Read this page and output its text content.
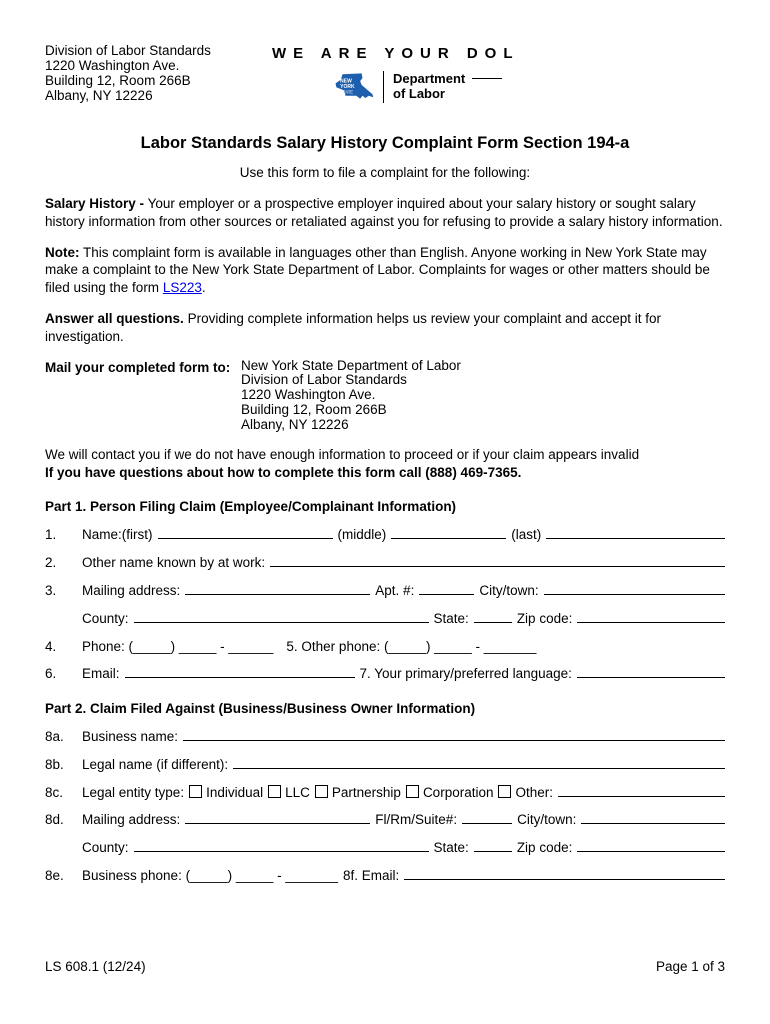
Division of Labor Standards
1220 Washington Ave.
Building 12, Room 266B
Albany, NY 12226
WE ARE YOUR DOL
NEW
YORK
STATE
Department
of Labor
Labor Standards Salary History Complaint Form Section 194-a
Use this form to file a complaint for the following:

Salary History - Your employer or a prospective employer inquired about your salary history or sought salary history information from other sources or retaliated against you for refusing to provide a salary history information.

Note: This complaint form is available in languages other than English. Anyone working in New York State may make a complaint to the New York State Department of Labor. Complaints for wages or other matters should be filed using the form LS223.

Answer all questions. Providing complete information helps us review your complaint and accept it for investigation.

Mail your completed form to: New York State Department of Labor
Division of Labor Standards
1220 Washington Ave.
Building 12, Room 266B
Albany, NY 12226
We will contact you if we do not have enough information to proceed or if your claim appears invalid
If you have questions about how to complete this form call (888) 469-7365.
Part 1. Person Filing Claim (Employee/Complainant Information)
1.	Name:(first)	(middle)	(last)
2.	Other name known by at work:
3.	Mailing address:	Apt. #:	City/town:
County:	State:	Zip code:
4.	Phone: (_____) _____ - ______ 5. Other phone: (_____) _____ - _______
6.	Email:	7. Your primary/preferred language:
Part 2. Claim Filed Against (Business/Business Owner Information)
8a.	Business name:
8b.	Legal name (if different):
8c.	Legal entity type:	Individual	LLC	Partnership	Corporation	Other:
8d.	Mailing address:	Fl/Rm/Suite#:	City/town:
County:	State:	Zip code:
8e.	Business phone: (_____) _____ - _______ 8f. Email:
LS 608.1 (12/24)	Page 1 of 3
